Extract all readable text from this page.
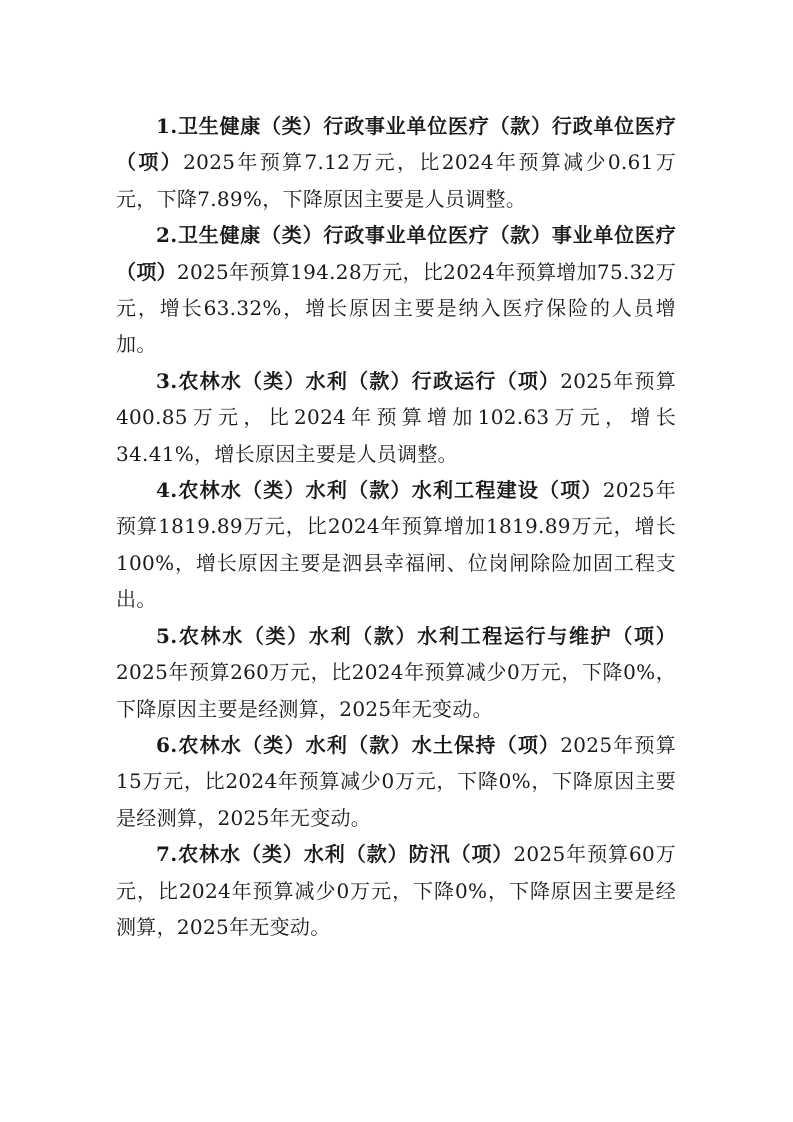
1.卫生健康（类）行政事业单位医疗（款）行政单位医疗（项）2025年预算7.12万元，比2024年预算减少0.61万元，下降7.89%，下降原因主要是人员调整。

2.卫生健康（类）行政事业单位医疗（款）事业单位医疗（项）2025年预算194.28万元，比2024年预算增加75.32万元，增长63.32%，增长原因主要是纳入医疗保险的人员增加。

3.农林水（类）水利（款）行政运行（项）2025年预算400.85万元，比2024年预算增加102.63万元，增长34.41%，增长原因主要是人员调整。

4.农林水（类）水利（款）水利工程建设（项）2025年预算1819.89万元，比2024年预算增加1819.89万元，增长100%，增长原因主要是泗县幸福闸、位岗闸除险加固工程支出。

5.农林水（类）水利（款）水利工程运行与维护（项）2025年预算260万元，比2024年预算减少0万元，下降0%，下降原因主要是经测算，2025年无变动。

6.农林水（类）水利（款）水土保持（项）2025年预算15万元，比2024年预算减少0万元，下降0%，下降原因主要是经测算，2025年无变动。

7.农林水（类）水利（款）防汛（项）2025年预算60万元，比2024年预算减少0万元，下降0%，下降原因主要是经测算，2025年无变动。
